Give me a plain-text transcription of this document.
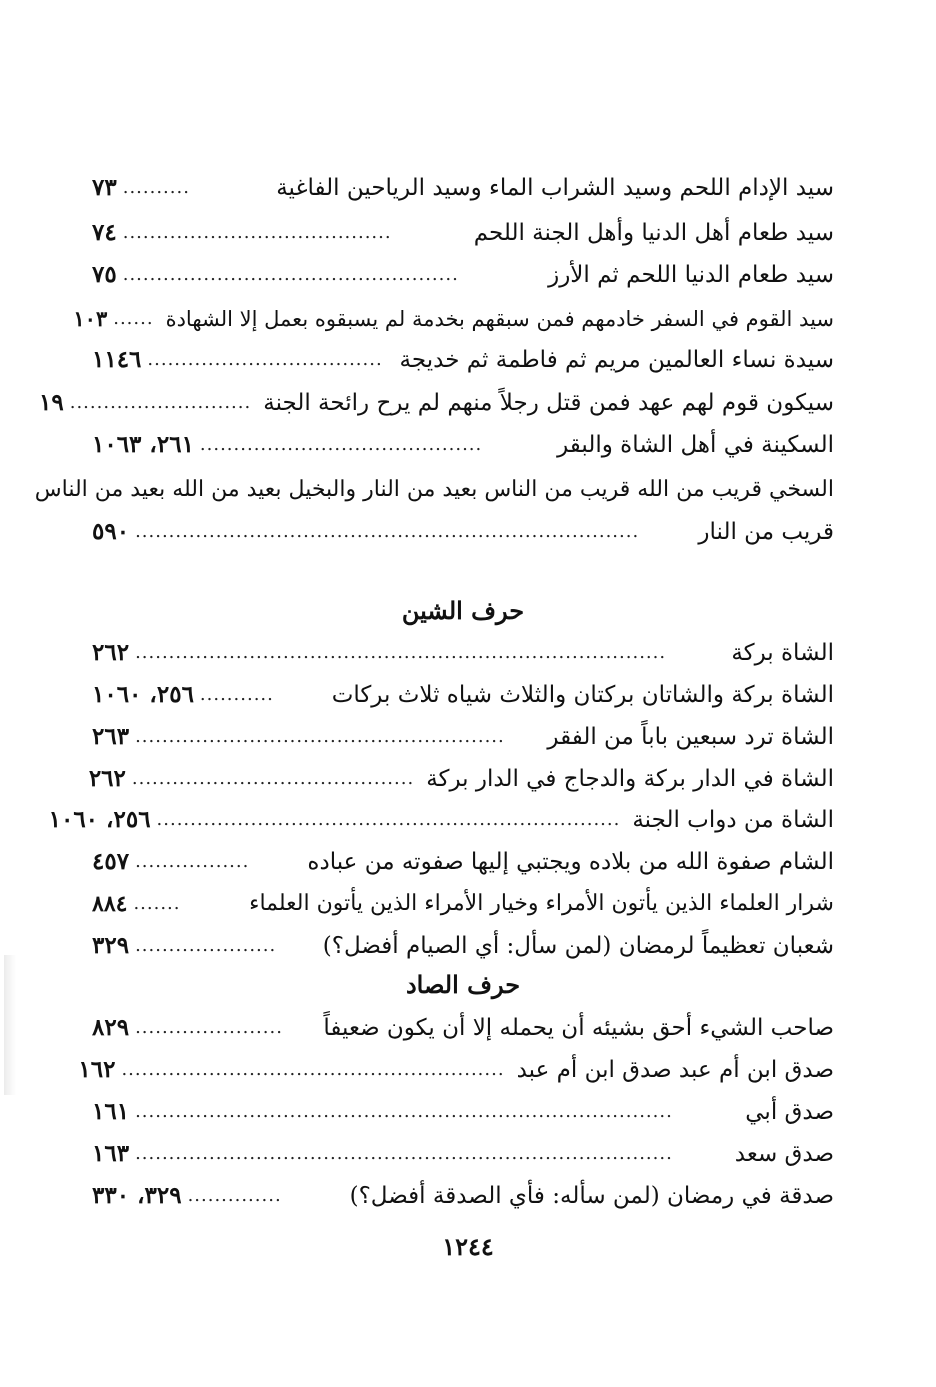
سيد الإدام اللحم وسيد الشراب الماء وسيد الرياحين الفاغية
..........
٧٣
سيد طعام أهل الدنيا وأهل الجنة اللحم
........................................
٧٤
سيد طعام الدنيا اللحم ثم الأرز
..................................................
٧٥
سيد القوم في السفر خادمهم فمن سبقهم بخدمة لم يسبقوه بعمل إلا الشهادة
......
١٠٣
سيدة نساء العالمين مريم ثم فاطمة ثم خديجة
...................................
١١٤٦
سيكون قوم لهم عهد فمن قتل رجلاً منهم لم يرح رائحة الجنة
...........................
١٩
السكينة في أهل الشاة والبقر
..........................................
٢٦١، ١٠٦٣
السخي قريب من الله قريب من الناس بعيد من النار والبخيل بعيد من الله بعيد من الناس
قريب من النار
...........................................................................
٥٩٠
حرف الشين
الشاة بركة
...............................................................................
٢٦٢
الشاة بركة والشاتان بركتان والثلاث شياه ثلاث بركات
...........
٢٥٦، ١٠٦٠
الشاة ترد سبعين باباً من الفقر
.......................................................
٢٦٣
الشاة في الدار بركة والدجاج في الدار بركة
..........................................
٢٦٢
الشاة من دواب الجنة
.....................................................................
٢٥٦، ١٠٦٠
الشام صفوة الله من بلاده ويجتبي إليها صفوته من عباده
.................
٤٥٧
شرار العلماء الذين يأتون الأمراء وخيار الأمراء الذين يأتون العلماء
.......
٨٨٤
شعبان تعظيماً لرمضان (لمن سأل: أي الصيام أفضل؟)
.....................
٣٢٩
حرف الصاد
صاحب الشيء أحق بشيئه أن يحمله إلا أن يكون ضعيفاً
......................
٨٢٩
صدق ابن أم عبد صدق ابن أم عبد
.........................................................
١٦٢
صدق أبي
................................................................................
١٦١
صدق سعد
................................................................................
١٦٣
صدقة في رمضان (لمن سأله: فأي الصدقة أفضل؟)
..............
٣٢٩، ٣٣٠
١٢٤٤
